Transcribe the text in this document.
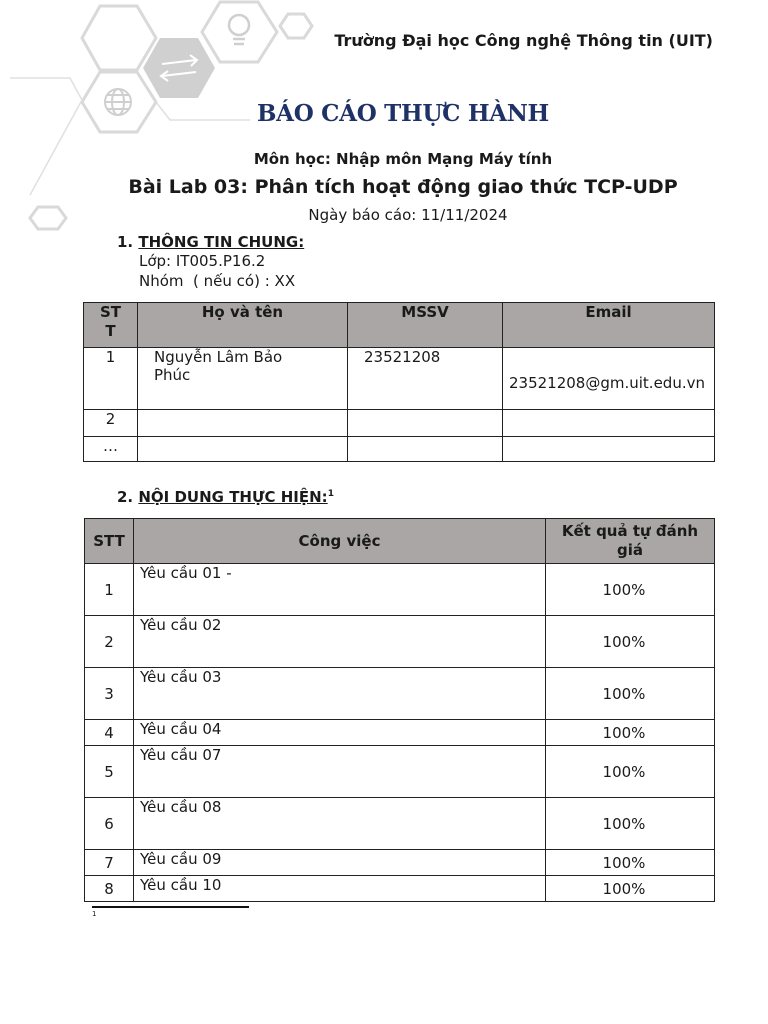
Trường Đại học Công nghệ Thông tin (UIT)
BÁO CÁO THỰC HÀNH
Môn học: Nhập môn Mạng Máy tính
Bài Lab 03: Phân tích hoạt động giao thức TCP-UDP
Ngày báo cáo: 11/11/2024
1. THÔNG TIN CHUNG:
Lớp: IT005.P16.2
Nhóm  ( nếu có) : XX
ST T	Họ và tên	MSSV	Email
1	Nguyễn Lâm Bảo Phúc	23521208	23521208@gm.uit.edu.vn
2			
…			
2. NỘI DUNG THỰC HIỆN:$^1$
STT	Công việc	Kết quả tự đánh giá
1	Yêu cầu 01 -	100%
2	Yêu cầu 02	100%
3	Yêu cầu 03	100%
4	Yêu cầu 04	100%
5	Yêu cầu 07	100%
6	Yêu cầu 08	100%
7	Yêu cầu 09	100%
8	Yêu cầu 10	100%
1
